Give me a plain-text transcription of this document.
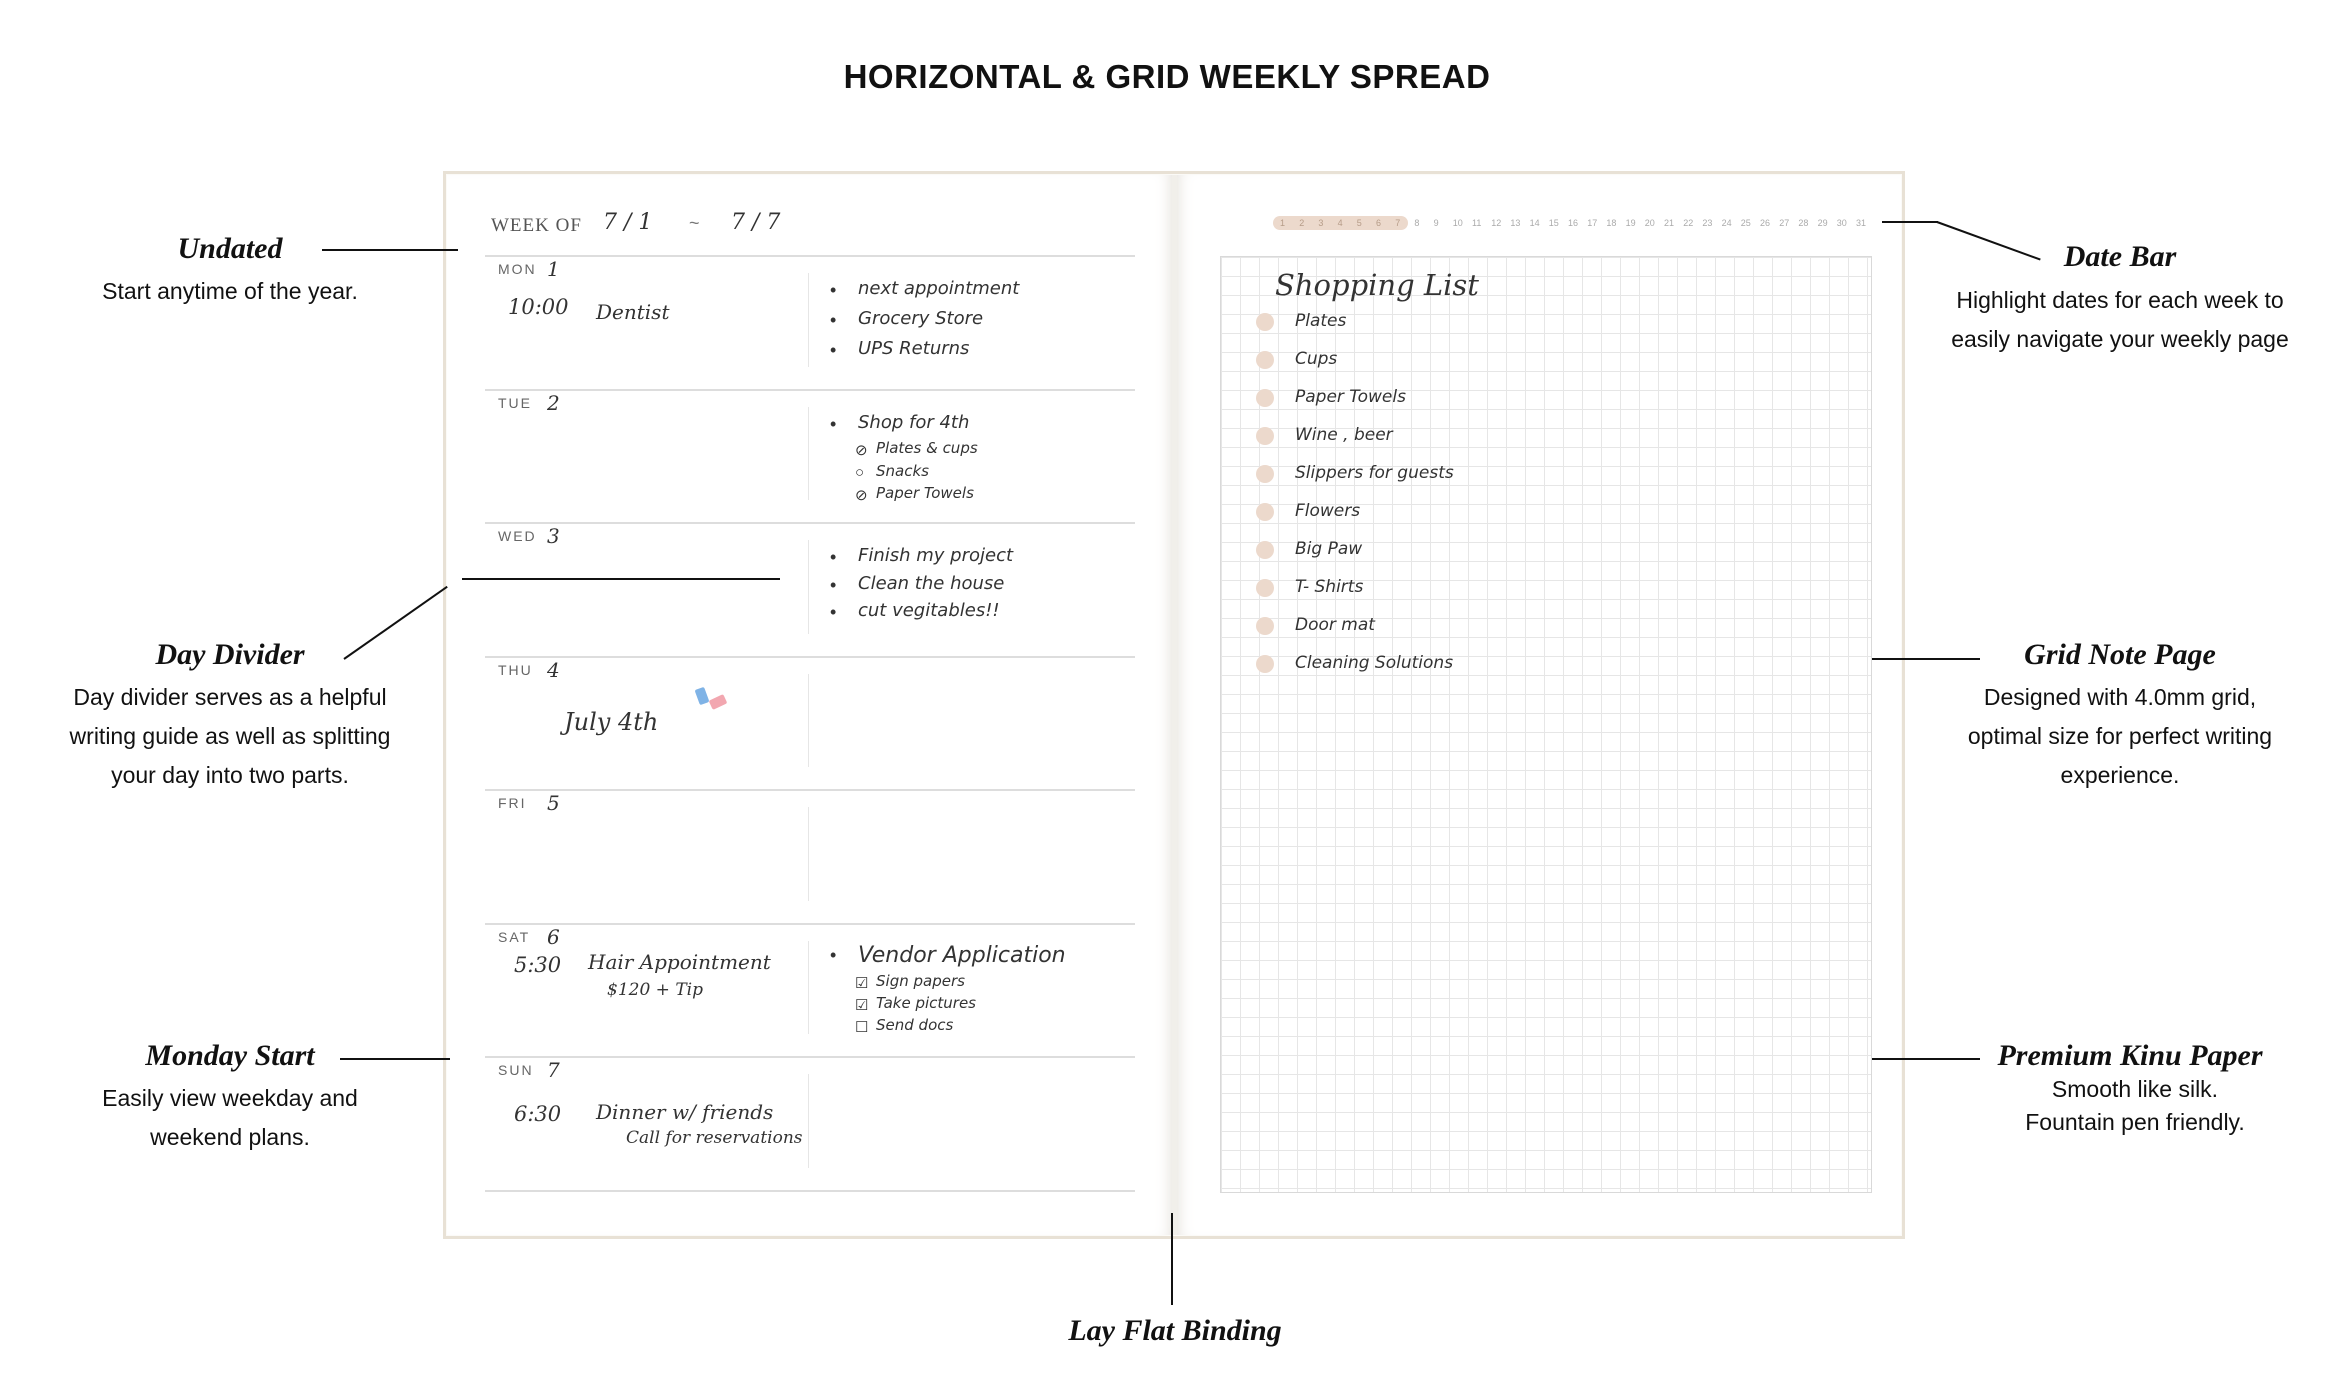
HORIZONTAL & GRID WEEKLY SPREAD
WEEK OF 7 / 1 ~ 7 / 7
MON 1
10:00 Dentist
• next appointment
• Grocery Store
• UPS Returns
TUE 2
• Shop for 4th
⊘ Plates & cups
○ Snacks
⊘ Paper Towels
WED 3
• Finish my project
• Clean the house
• cut vegitables!!
THU 4
July 4th
FRI 5
SAT 6
5:30 Hair Appointment
$120 + Tip
• Vendor Application
☑ Sign papers
☑ Take pictures
☐ Send docs
SUN 7
6:30 Dinner w/ friends
Call for reservations
Shopping List
Plates
Cups
Paper Towels
Wine , beer
Slippers for guests
Flowers
Big Paw
T- Shirts
Door mat
Cleaning Solutions
Undated
Start anytime of the year.
Day Divider
Day divider serves as a helpful
writing guide as well as splitting
your day into two parts.
Monday Start
Easily view weekday and
weekend plans.
Date Bar
Highlight dates for each week to
easily navigate your weekly page
Grid Note Page
Designed with 4.0mm grid,
optimal size for perfect writing
experience.
Premium Kinu Paper
Smooth like silk.
Fountain pen friendly.
Lay Flat Binding
1 2 3 4 5 6 7 8 9 10 11 12 13 14 15 16 17 18 19 20 21 22 23 24 25 26 27 28 29 30 31
